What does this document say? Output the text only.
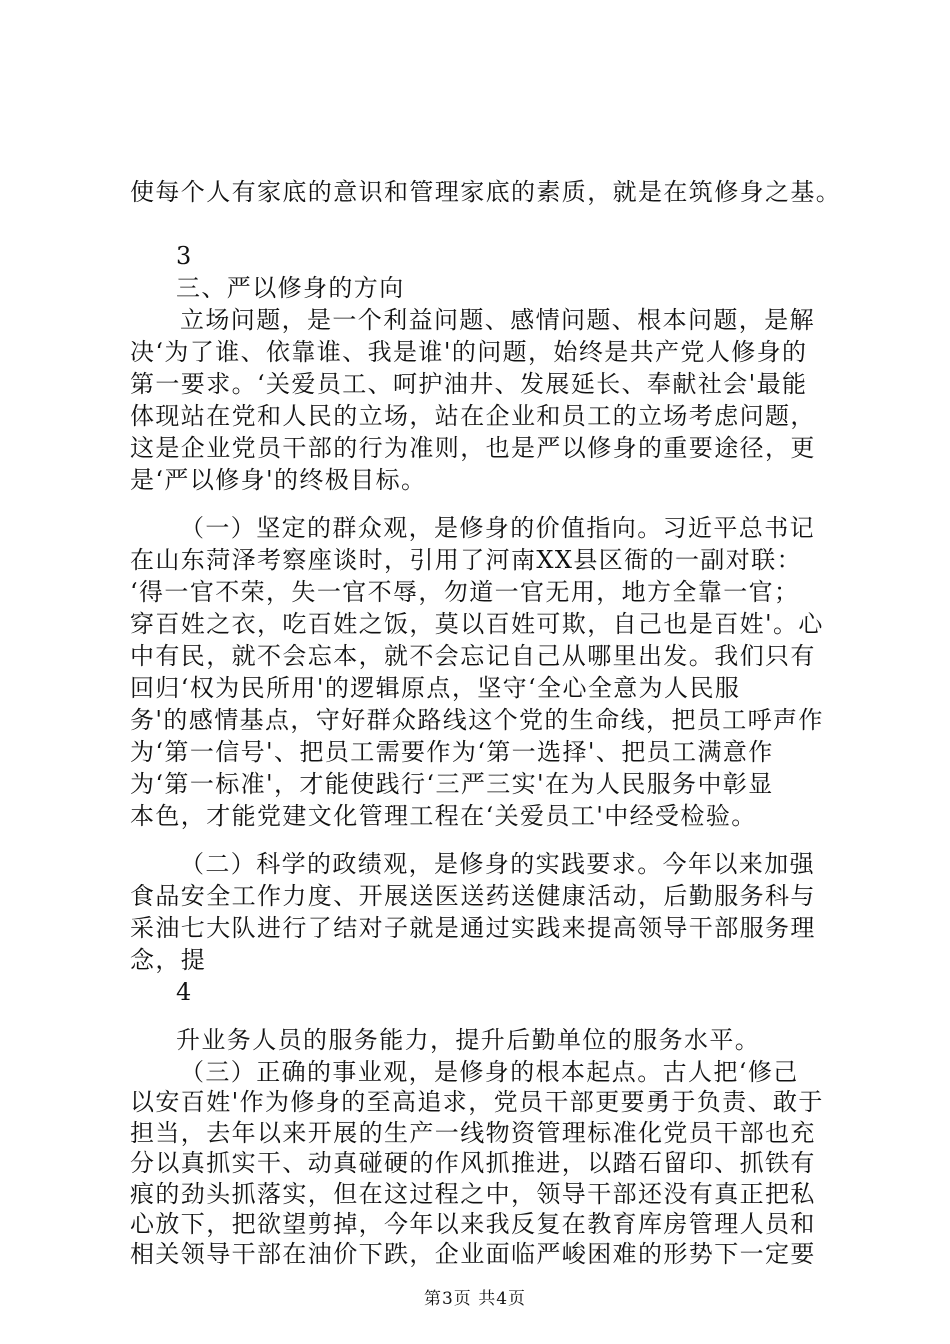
使每个人有家底的意识和管理家底的素质，就是在筑修身之基。
3
三、严以修身的方向
立场问题，是一个利益问题、感情问题、根本问题，是解
决‘为了谁、依靠谁、我是谁'的问题，始终是共产党人修身的
第一要求。‘关爱员工、呵护油井、发展延长、奉献社会'最能
体现站在党和人民的立场，站在企业和员工的立场考虑问题，
这是企业党员干部的行为准则，也是严以修身的重要途径，更
是‘严以修身'的终极目标。
（一）坚定的群众观，是修身的价值指向。习近平总书记
在山东菏泽考察座谈时，引用了河南XX县区衙的一副对联：
‘得一官不荣，失一官不辱，勿道一官无用，地方全靠一官；
穿百姓之衣，吃百姓之饭，莫以百姓可欺，自己也是百姓'。心
中有民，就不会忘本，就不会忘记自己从哪里出发。我们只有
回归‘权为民所用'的逻辑原点，坚守‘全心全意为人民服
务'的感情基点，守好群众路线这个党的生命线，把员工呼声作
为‘第一信号'、把员工需要作为‘第一选择'、把员工满意作
为‘第一标准'，才能使践行‘三严三实'在为人民服务中彰显
本色，才能党建文化管理工程在‘关爱员工'中经受检验。
（二）科学的政绩观，是修身的实践要求。今年以来加强
食品安全工作力度、开展送医送药送健康活动，后勤服务科与
采油七大队进行了结对子就是通过实践来提高领导干部服务理
念，提
4
升业务人员的服务能力，提升后勤单位的服务水平。
（三）正确的事业观，是修身的根本起点。古人把‘修己
以安百姓'作为修身的至高追求，党员干部更要勇于负责、敢于
担当，去年以来开展的生产一线物资管理标准化党员干部也充
分以真抓实干、动真碰硬的作风抓推进，以踏石留印、抓铁有
痕的劲头抓落实，但在这过程之中，领导干部还没有真正把私
心放下，把欲望剪掉，今年以来我反复在教育库房管理人员和
相关领导干部在油价下跌，企业面临严峻困难的形势下一定要
第3页 共4页
